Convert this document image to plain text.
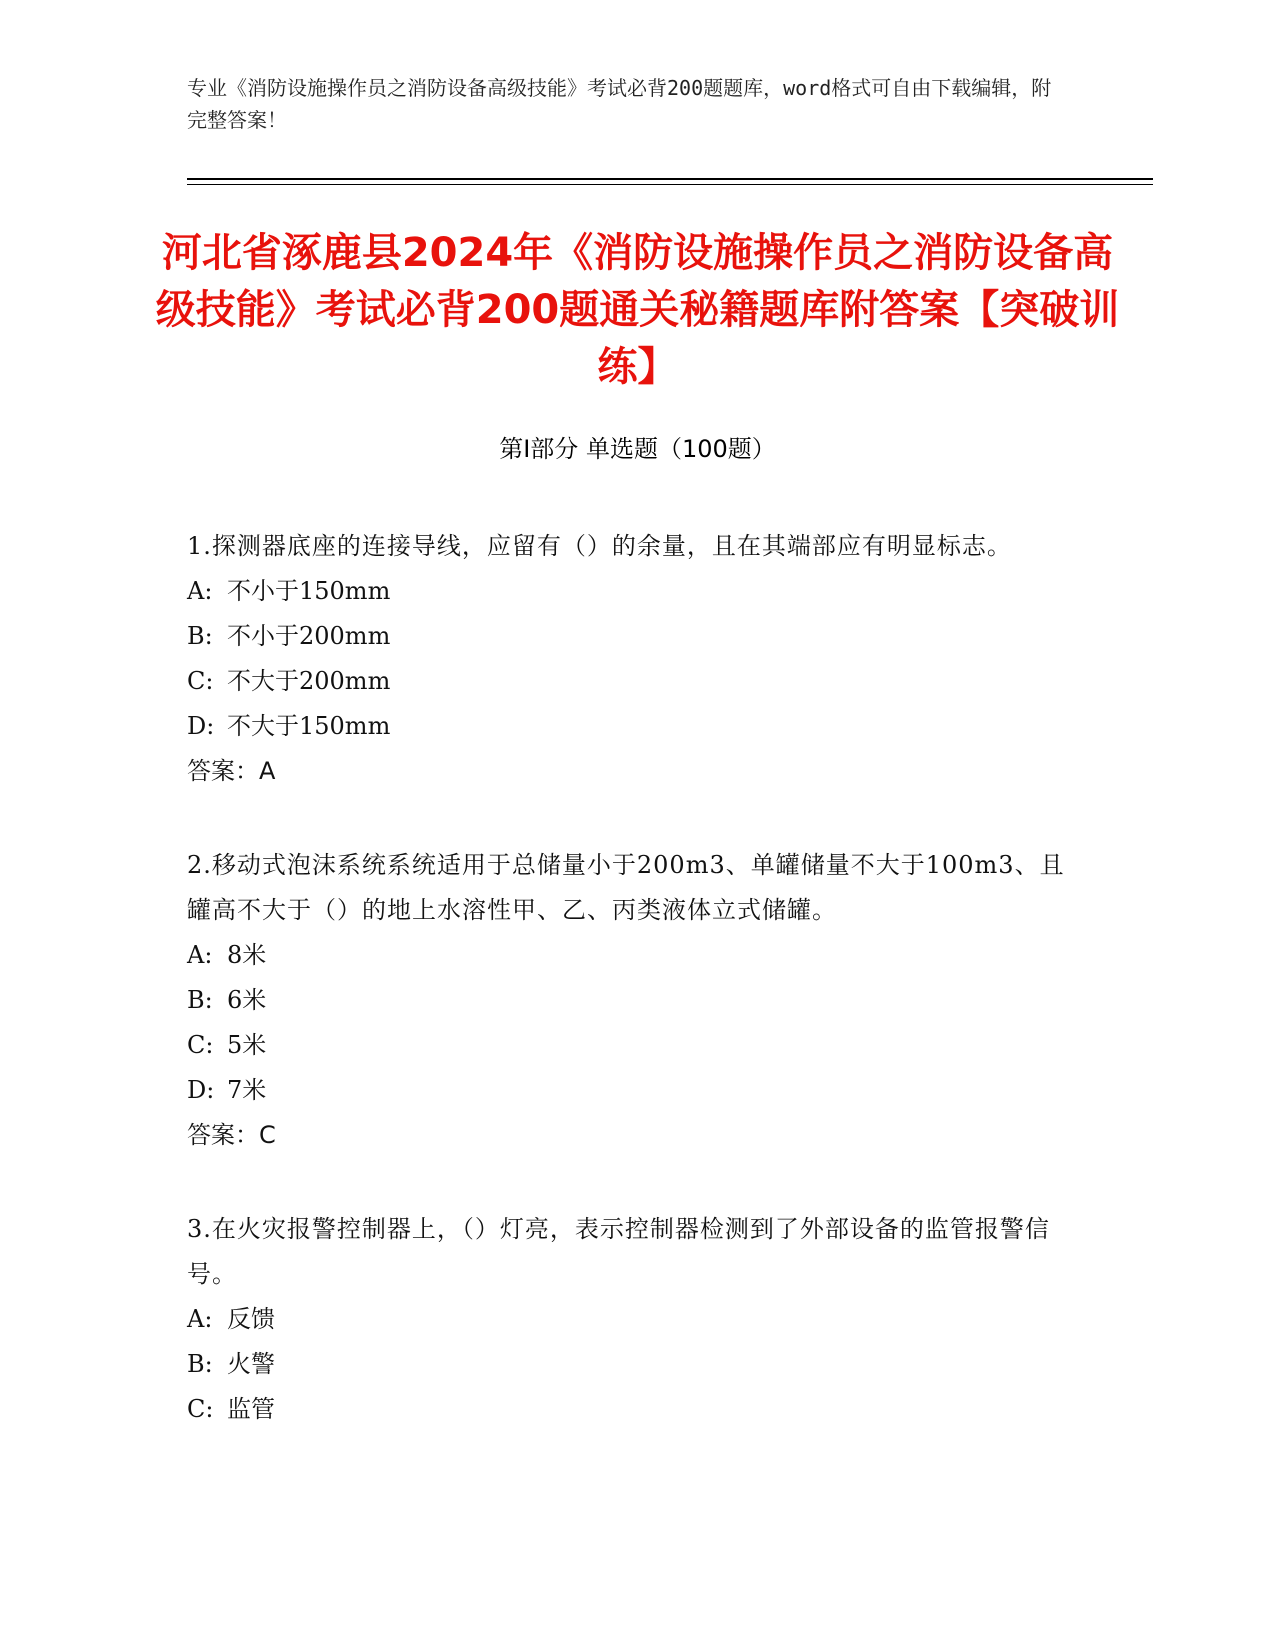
专业《消防设施操作员之消防设备高级技能》考试必背200题题库，word格式可自由下载编辑，附完整答案！
河北省涿鹿县2024年《消防设施操作员之消防设备高级技能》考试必背200题通关秘籍题库附答案【突破训练】
第Ⅰ部分 单选题（100题）

1.探测器底座的连接导线，应留有（）的余量，且在其端部应有明显标志。

A: 不小于150mm

B: 不小于200mm

C: 不大于200mm

D: 不大于150mm

答案：A

2.移动式泡沫系统系统适用于总储量小于200m3、单罐储量不大于100m3、且罐高不大于（）的地上水溶性甲、乙、丙类液体立式储罐。

A: 8米

B: 6米

C: 5米

D: 7米

答案：C

3.在火灾报警控制器上，（）灯亮，表示控制器检测到了外部设备的监管报警信号。

A: 反馈

B: 火警

C: 监管
